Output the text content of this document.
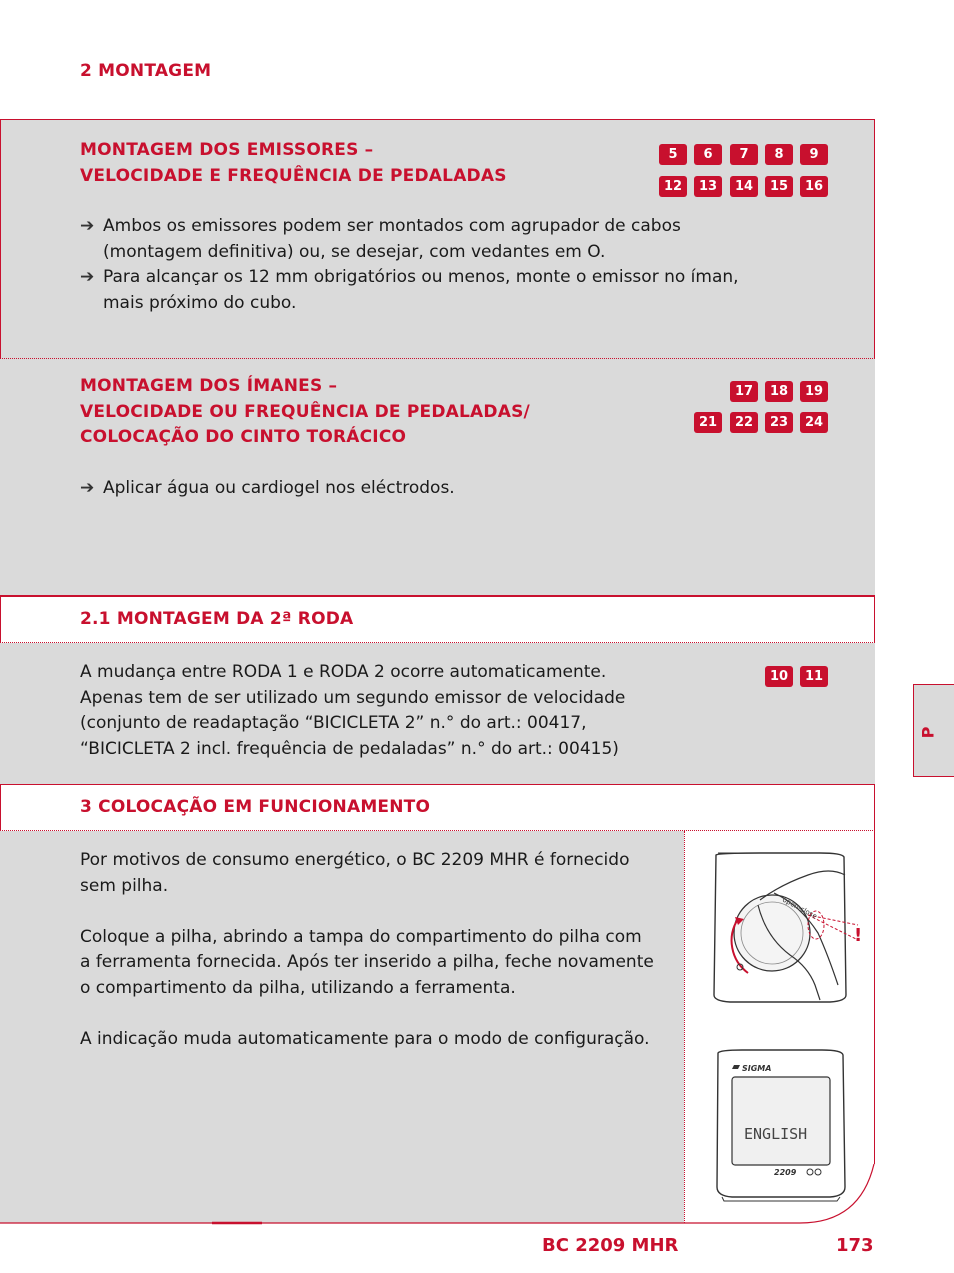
2 MONTAGEM
MONTAGEM DOS EMISSORES –
VELOCIDADE E FREQUÊNCIA DE PEDALADAS
5	6	7	8	9
12	13	14	15	16
➔ Ambos os emissores podem ser montados com agrupador de cabos
(montagem definitiva) ou, se desejar, com vedantes em O.
➔ Para alcançar os 12 mm obrigatórios ou menos, monte o emissor no íman,
mais próximo do cubo.
MONTAGEM DOS ÍMANES –
VELOCIDADE OU FREQUÊNCIA DE PEDALADAS/
COLOCAÇÃO DO CINTO TORÁCICO
17	18	19
21	22	23	24
➔ Aplicar água ou cardiogel nos eléctrodos.
2.1 MONTAGEM DA 2ª RODA
A mudança entre RODA 1 e RODA 2 ocorre automaticamente.
Apenas tem de ser utilizado um segundo emissor de velocidade
(conjunto de readaptação “BICICLETA 2” n.° do art.: 00417,
“BICICLETA 2 incl. frequência de pedaladas” n.° do art.: 00415)
10	11
3 COLOCAÇÃO EM FUNCIONAMENTO
Por motivos de consumo energético, o BC 2209 MHR é fornecido
sem pilha.
Coloque a pilha, abrindo a tampa do compartimento do pilha com
a ferramenta fornecida. Após ter inserido a pilha, feche novamente
o compartimento da pilha, utilizando a ferramenta.
A indicação muda automaticamente para o modo de configuração.
open-close
!
SIGMA
ENGLISH
2209
P
BC 2209 MHR	173
